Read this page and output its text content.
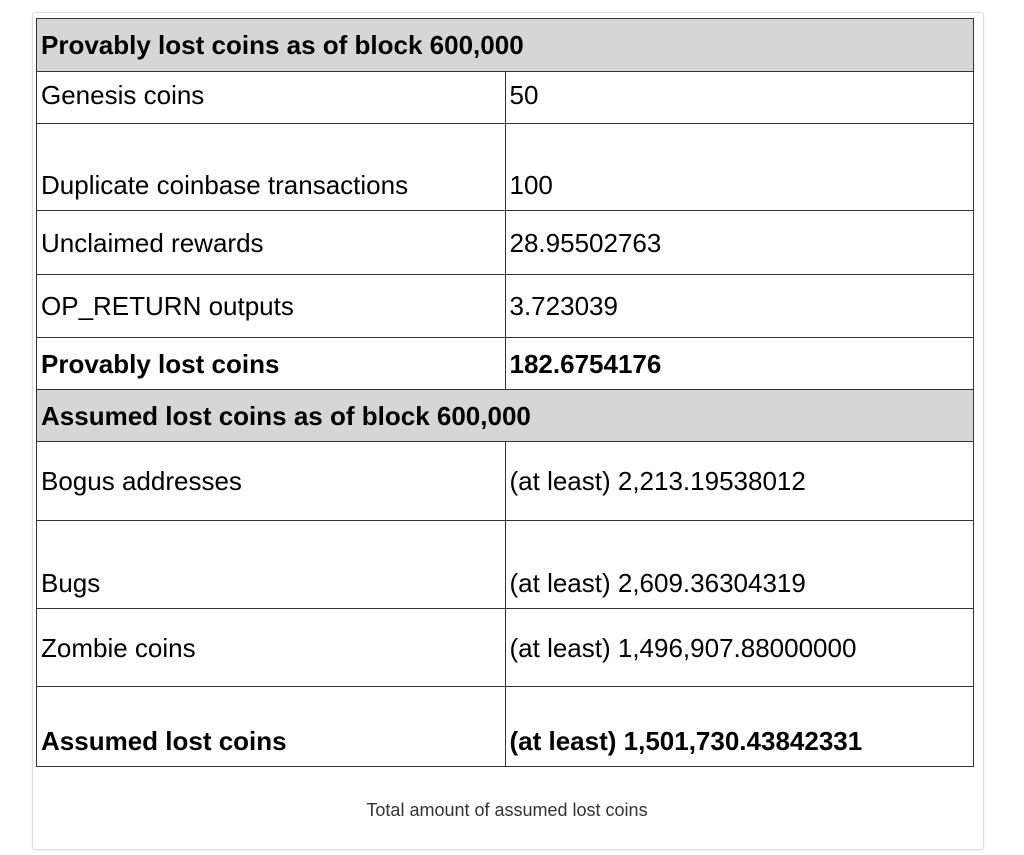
Provably lost coins as of block 600,000	
Genesis coins	50
Duplicate coinbase transactions	100
Unclaimed rewards	28.95502763
OP_RETURN outputs	3.723039
Provably lost coins	182.6754176
Assumed lost coins as of block 600,000	
Bogus addresses	(at least) 2,213.19538012
Bugs	(at least) 2,609.36304319
Zombie coins	(at least) 1,496,907.88000000
Assumed lost coins	(at least) 1,501,730.43842331
Total amount of assumed lost coins
